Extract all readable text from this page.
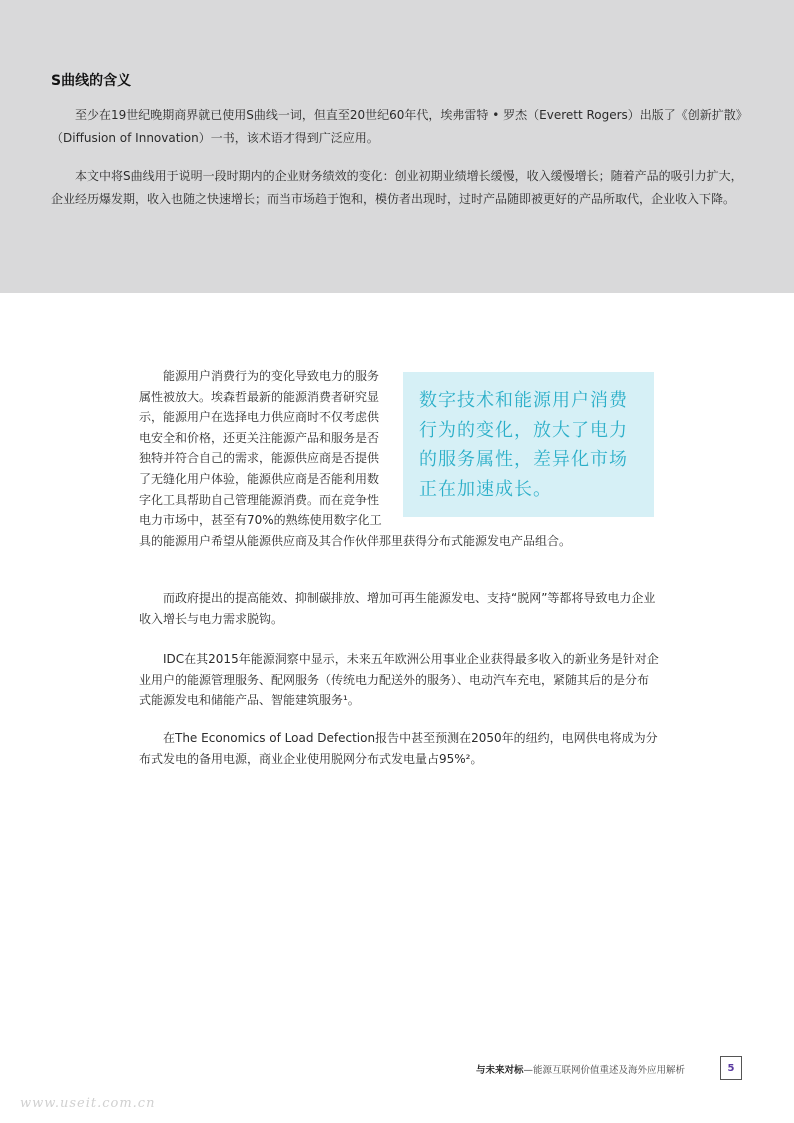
S曲线的含义

至少在19世纪晚期商界就已使用S曲线一词，但直至20世纪60年代，埃弗雷特 • 罗杰（Everett Rogers）出版了《创新扩散》（Diffusion of Innovation）一书，该术语才得到广泛应用。

本文中将S曲线用于说明一段时期内的企业财务绩效的变化：创业初期业绩增长缓慢，收入缓慢增长；随着产品的吸引力扩大，企业经历爆发期，收入也随之快速增长；而当市场趋于饱和，模仿者出现时，过时产品随即被更好的产品所取代，企业收入下降。

能源用户消费行为的变化导致电力的服务属性被放大。埃森哲最新的能源消费者研究显示，能源用户在选择电力供应商时不仅考虑供电安全和价格，还更关注能源产品和服务是否独特并符合自己的需求，能源供应商是否提供了无缝化用户体验，能源供应商是否能利用数字化工具帮助自己管理能源消费。而在竞争性电力市场中，甚至有70%的熟练使用数字化工具的能源用户希望从能源供应商及其合作伙伴那里获得分布式能源发电产品组合。

数字技术和能源用户消费行为的变化，放大了电力的服务属性，差异化市场正在加速成长。

而政府提出的提高能效、抑制碳排放、增加可再生能源发电、支持“脱网”等都将导致电力企业收入增长与电力需求脱钩。

IDC在其2015年能源洞察中显示，未来五年欧洲公用事业企业获得最多收入的新业务是针对企业用户的能源管理服务、配网服务（传统电力配送外的服务）、电动汽车充电，紧随其后的是分布式能源发电和储能产品、智能建筑服务¹。

在The Economics of Load Defection报告中甚至预测在2050年的纽约，电网供电将成为分布式发电的备用电源，商业企业使用脱网分布式发电量占95%²。

与未来对标—能源互联网价值重述及海外应用解析	5
www.useit.com.cn
